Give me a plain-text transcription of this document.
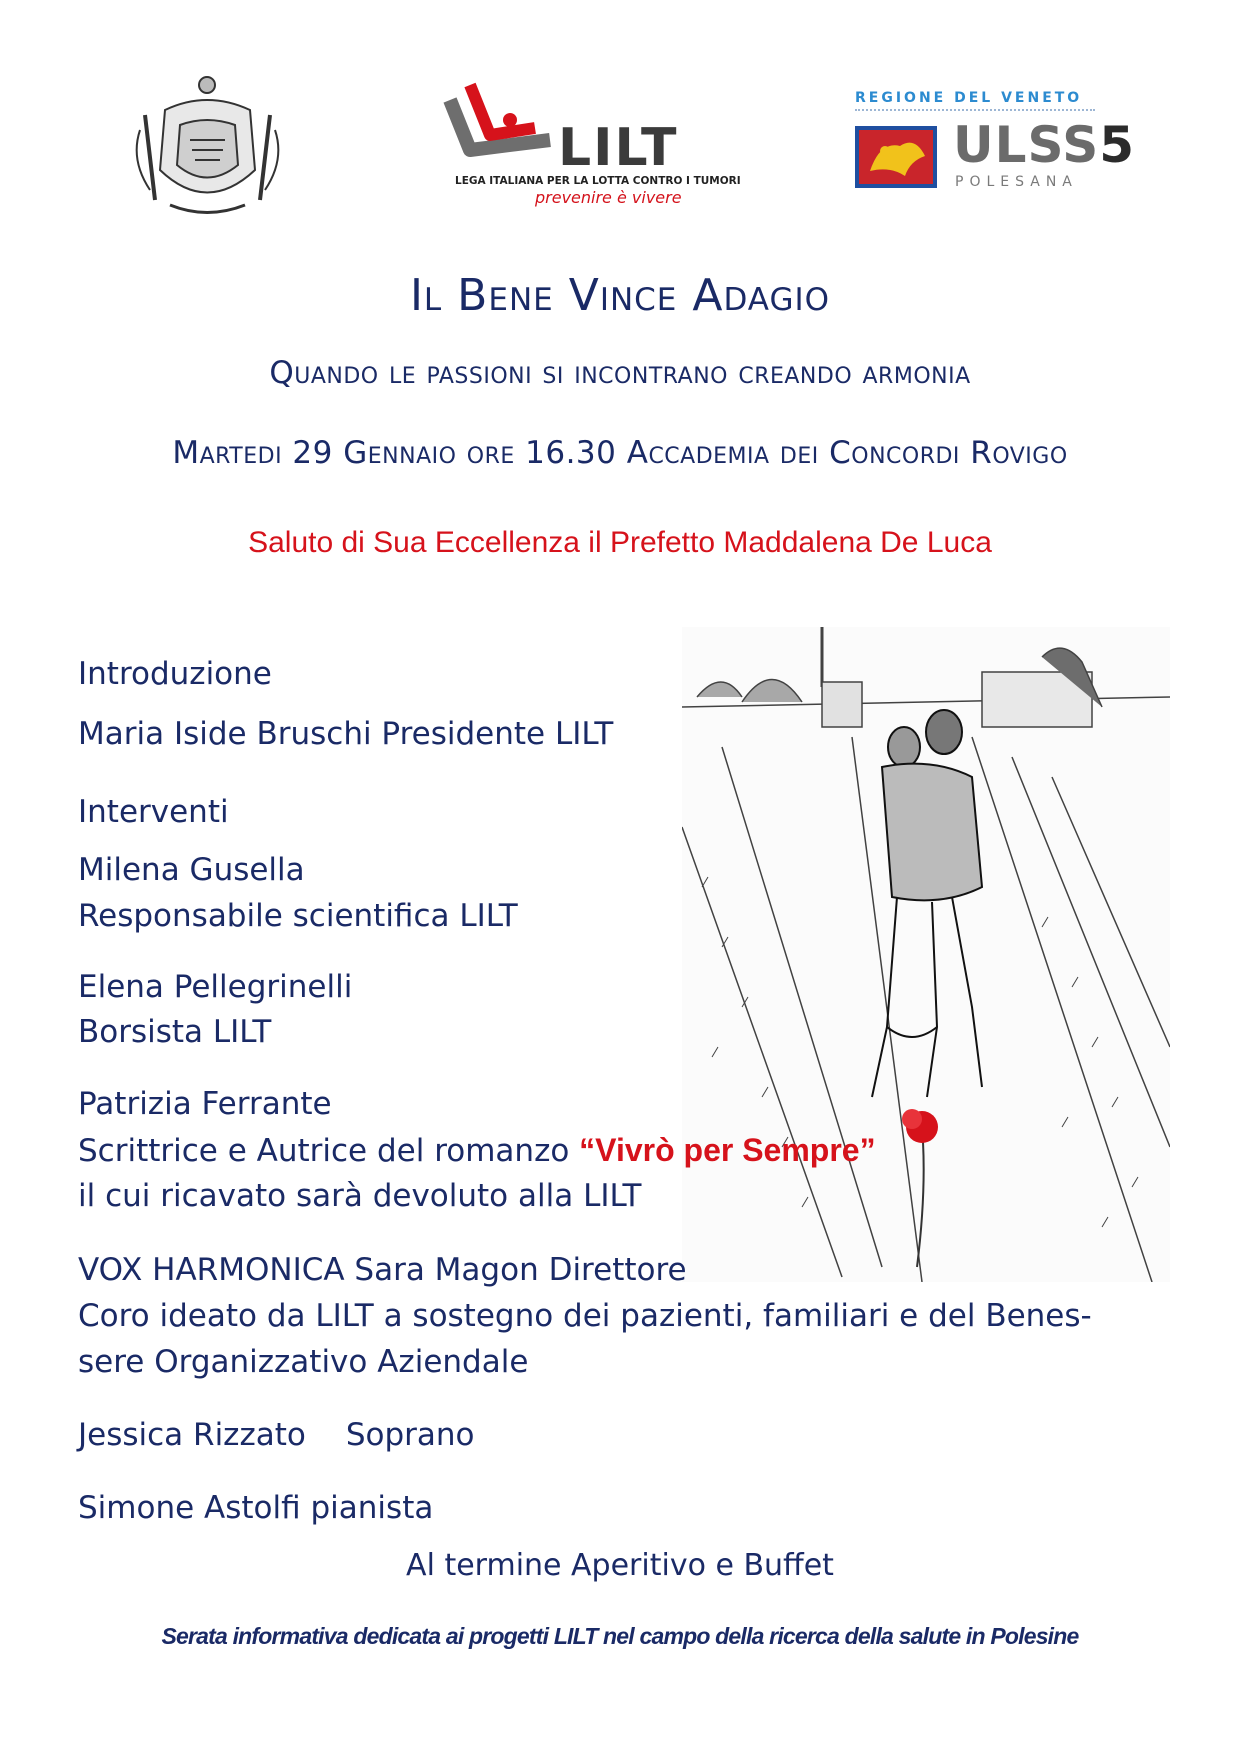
LILT
LEGA ITALIANA PER LA LOTTA CONTRO I TUMORI
prevenire è vivere
REGIONE DEL VENETO
ULSS5
POLESANA
Il Bene Vince Adagio
Quando le passioni si incontrano creando armonia
Martedi 29 Gennaio ore 16.30 Accademia dei Concordi Rovigo
Saluto di Sua Eccellenza il Prefetto Maddalena De Luca
Introduzione
Maria Iside Bruschi Presidente LILT
Interventi
Milena Gusella
Responsabile scientifica LILT
Elena Pellegrinelli
Borsista LILT
Patrizia Ferrante
Scrittrice e Autrice del romanzo “Vivrò per Sempre”
il cui ricavato sarà devoluto alla LILT
VOX HARMONICA Sara Magon Direttore
Coro ideato da LILT a sostegno dei pazienti, familiari e del Benes-
sere Organizzativo Aziendale
Jessica Rizzato Soprano
Simone Astolfi pianista
Al termine Aperitivo e Buffet
Serata informativa dedicata ai progetti LILT nel campo della ricerca della salute in Polesine
